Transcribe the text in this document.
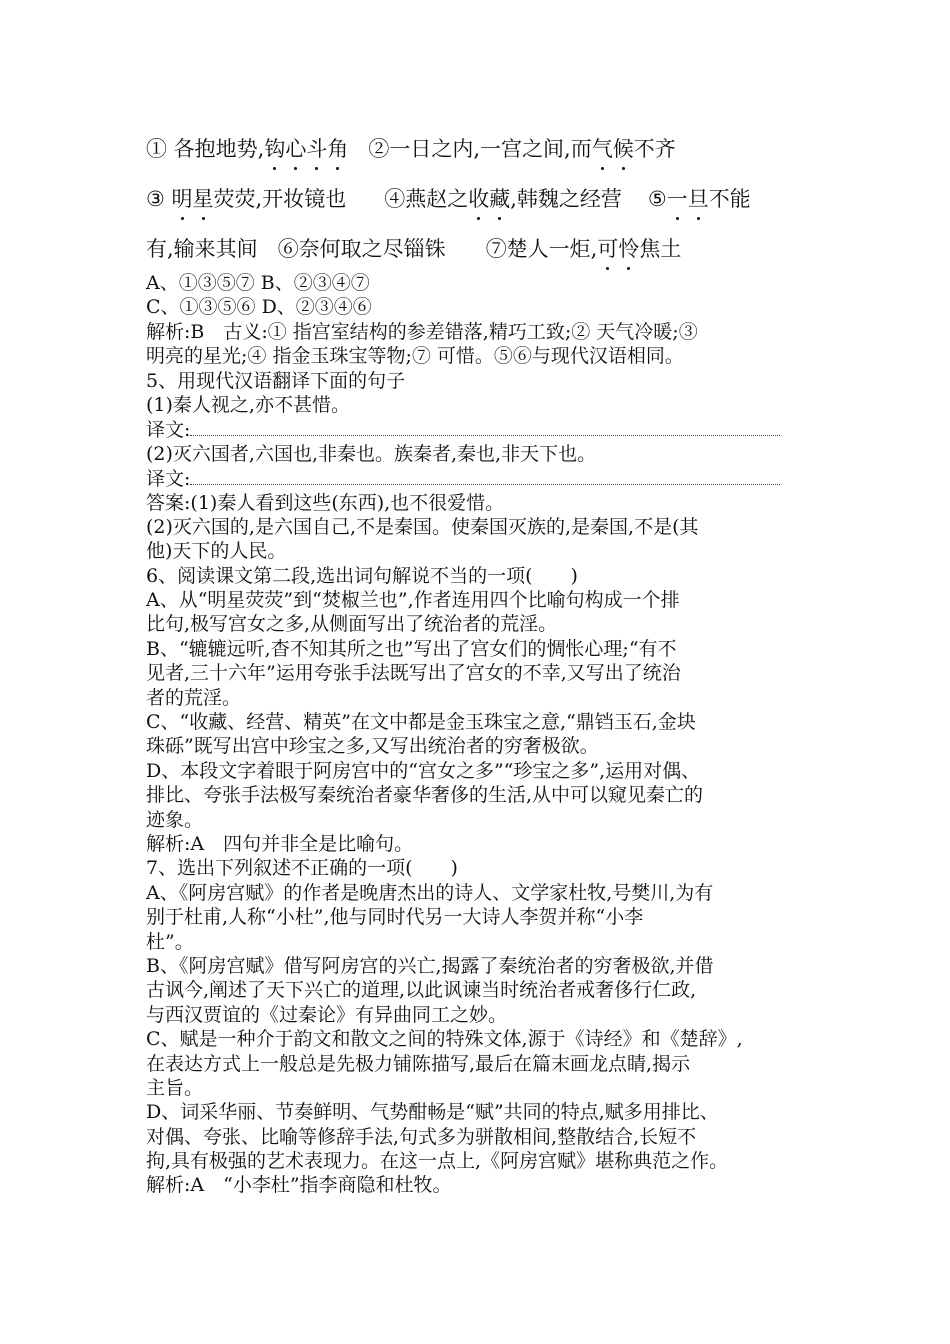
① 各抱地势,钩心斗角 ②一日之内,一宫之间,而气候不齐
③ 明星荧荧,开妆镜也 ④燕赵之收藏,韩魏之经营 ⑤一旦不能
有,输来其间 ⑥奈何取之尽锱铢 ⑦楚人一炬,可怜焦土
A、①③⑤⑦ B、②③④⑦
C、①③⑤⑥ D、②③④⑥
解析:B　古义:① 指宫室结构的参差错落,精巧工致;② 天气冷暖;③
明亮的星光;④ 指金玉珠宝等物;⑦ 可惜。⑤⑥与现代汉语相同。
5、用现代汉语翻译下面的句子
(1)秦人视之,亦不甚惜。
译文:
(2)灭六国者,六国也,非秦也。族秦者,秦也,非天下也。
译文:
答案:(1)秦人看到这些(东西),也不很爱惜。
(2)灭六国的,是六国自己,不是秦国。使秦国灭族的,是秦国,不是(其
他)天下的人民。
6、阅读课文第二段,选出词句解说不当的一项(　　)
A、从“明星荧荧”到“焚椒兰也”,作者连用四个比喻句构成一个排
比句,极写宫女之多,从侧面写出了统治者的荒淫。
B、“辘辘远听,杳不知其所之也”写出了宫女们的惆怅心理;“有不
见者,三十六年”运用夸张手法既写出了宫女的不幸,又写出了统治
者的荒淫。
C、“收藏、经营、精英”在文中都是金玉珠宝之意,“鼎铛玉石,金块
珠砾”既写出宫中珍宝之多,又写出统治者的穷奢极欲。
D、本段文字着眼于阿房宫中的“宫女之多”“珍宝之多”,运用对偶、
排比、夸张手法极写秦统治者豪华奢侈的生活,从中可以窥见秦亡的
迹象。
解析:A　四句并非全是比喻句。
7、选出下列叙述不正确的一项(　　)
A、《阿房宫赋》的作者是晚唐杰出的诗人、文学家杜牧,号樊川,为有
别于杜甫,人称“小杜”,他与同时代另一大诗人李贺并称“小李
杜”。
B、《阿房宫赋》借写阿房宫的兴亡,揭露了秦统治者的穷奢极欲,并借
古讽今,阐述了天下兴亡的道理,以此讽谏当时统治者戒奢侈行仁政,
与西汉贾谊的《过秦论》有异曲同工之妙。
C、赋是一种介于韵文和散文之间的特殊文体,源于《诗经》和《楚辞》,
在表达方式上一般总是先极力铺陈描写,最后在篇末画龙点睛,揭示
主旨。
D、词采华丽、节奏鲜明、气势酣畅是“赋”共同的特点,赋多用排比、
对偶、夸张、比喻等修辞手法,句式多为骈散相间,整散结合,长短不
拘,具有极强的艺术表现力。在这一点上,《阿房宫赋》堪称典范之作。
解析:A　“小李杜”指李商隐和杜牧。
